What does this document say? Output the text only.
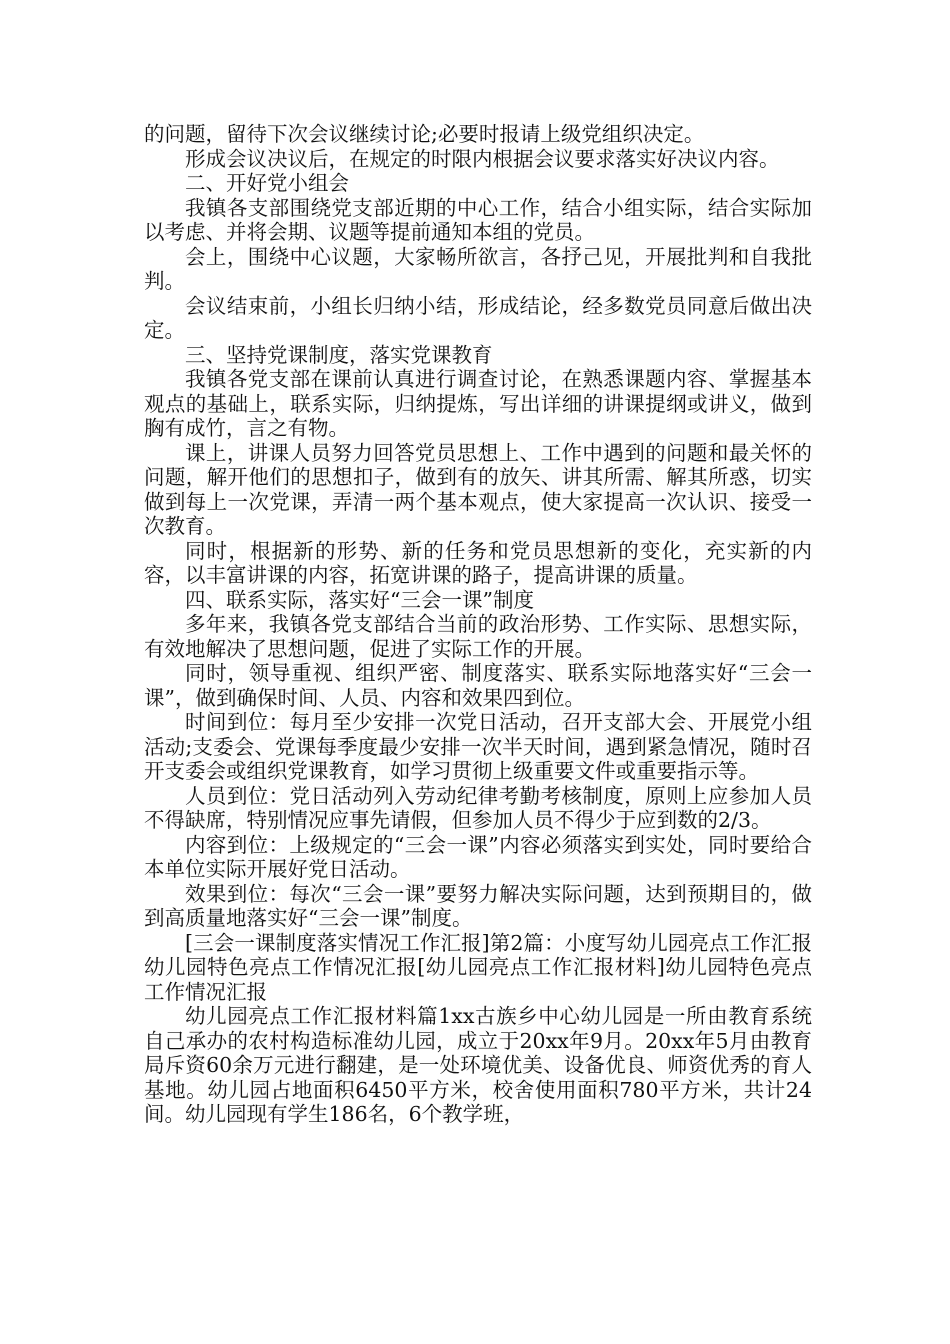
的问题，留待下次会议继续讨论;必要时报请上级党组织决定。

形成会议决议后，在规定的时限内根据会议要求落实好决议内容。

二、开好党小组会

我镇各支部围绕党支部近期的中心工作，结合小组实际，结合实际加以考虑、并将会期、议题等提前通知本组的党员。

会上，围绕中心议题，大家畅所欲言，各抒己见，开展批判和自我批判。

会议结束前，小组长归纳小结，形成结论，经多数党员同意后做出决定。

三、坚持党课制度，落实党课教育

我镇各党支部在课前认真进行调查讨论，在熟悉课题内容、掌握基本观点的基础上，联系实际，归纳提炼，写出详细的讲课提纲或讲义，做到胸有成竹，言之有物。

课上，讲课人员努力回答党员思想上、工作中遇到的问题和最关怀的问题，解开他们的思想扣子，做到有的放矢、讲其所需、解其所惑，切实做到每上一次党课，弄清一两个基本观点，使大家提高一次认识、接受一次教育。

同时，根据新的形势、新的任务和党员思想新的变化，充实新的内容，以丰富讲课的内容，拓宽讲课的路子，提高讲课的质量。

四、联系实际，落实好“三会一课”制度

多年来，我镇各党支部结合当前的政治形势、工作实际、思想实际，有效地解决了思想问题，促进了实际工作的开展。

同时，领导重视、组织严密、制度落实、联系实际地落实好“三会一课”，做到确保时间、人员、内容和效果四到位。

时间到位：每月至少安排一次党日活动，召开支部大会、开展党小组活动;支委会、党课每季度最少安排一次半天时间，遇到紧急情况，随时召开支委会或组织党课教育，如学习贯彻上级重要文件或重要指示等。

人员到位：党日活动列入劳动纪律考勤考核制度，原则上应参加人员不得缺席，特别情况应事先请假，但参加人员不得少于应到数的2/3。

内容到位：上级规定的“三会一课”内容必须落实到实处，同时要给合本单位实际开展好党日活动。

效果到位：每次“三会一课”要努力解决实际问题，达到预期目的，做到高质量地落实好“三会一课”制度。

[三会一课制度落实情况工作汇报]第2篇：小度写幼儿园亮点工作汇报 幼儿园特色亮点工作情况汇报[幼儿园亮点工作汇报材料]幼儿园特色亮点工作情况汇报

幼儿园亮点工作汇报材料篇1xx古族乡中心幼儿园是一所由教育系统自己承办的农村构造标准幼儿园，成立于20xx年9月。20xx年5月由教育局斥资60余万元进行翻建，是一处环境优美、设备优良、师资优秀的育人基地。幼儿园占地面积6450平方米，校舍使用面积780平方米，共计24间。幼儿园现有学生186名，6个教学班，
